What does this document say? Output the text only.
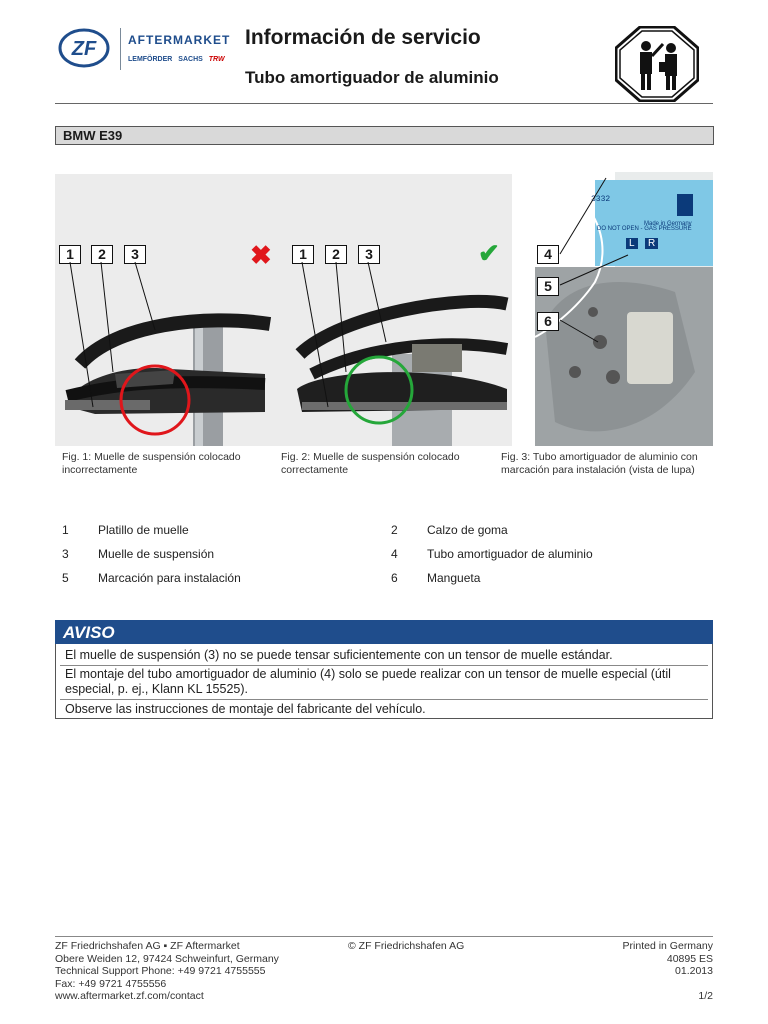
ZF	AFTERMARKET
LEMFÖRDER SACHS TRW
Información de servicio
Tubo amortiguador de aluminio
BMW E39
1	2	3	✖
Fig. 1: Muelle de suspensión colocado incorrectamente
1	2	3	✔
Fig. 2: Muelle de suspensión colocado correctamente
3332
DO NOT OPEN - GAS PRESSURE
Made in Germany
L	R
4
5
6
Fig. 3: Tubo amortiguador de aluminio con marcación para instalación (vista de lupa)
1 Platillo de muelle	2 Calzo de goma
3 Muelle de suspensión	4 Tubo amortiguador de aluminio
5 Marcación para instalación	6 Mangueta
AVISO
El muelle de suspensión (3) no se puede tensar suficientemente con un tensor de muelle estándar.
El montaje del tubo amortiguador de aluminio (4) solo se puede realizar con un tensor de muelle especial (útil especial, p. ej., Klann KL 15525).
Observe las instrucciones de montaje del fabricante del vehículo.
ZF Friedrichshafen AG ▪ ZF Aftermarket
Obere Weiden 12, 97424 Schweinfurt, Germany
Technical Support Phone: +49 9721 4755555
Fax: +49 9721 4755556
www.aftermarket.zf.com/contact
© ZF Friedrichshafen AG	Printed in Germany
40895 ES
01.2013

1/2
